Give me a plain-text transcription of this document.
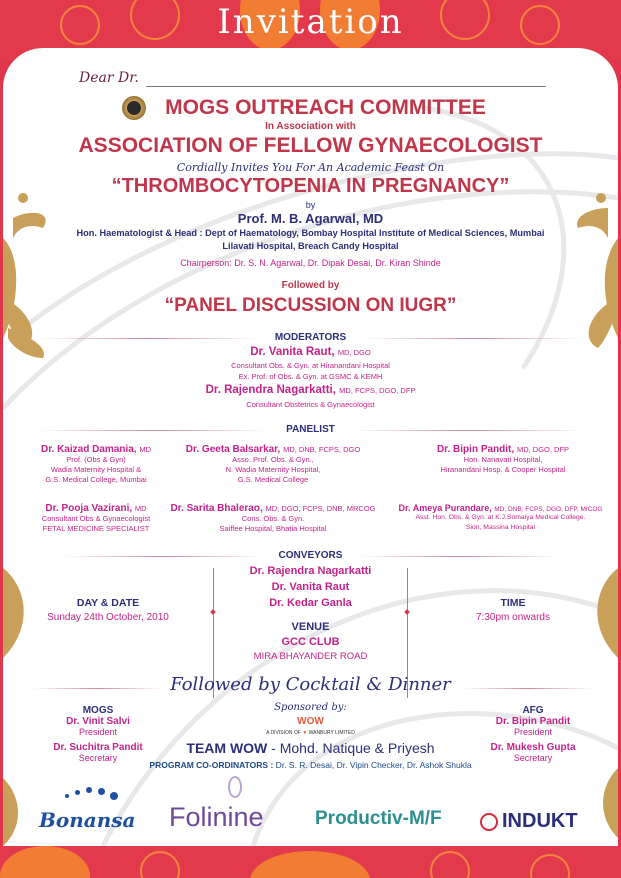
Invitation
Dear Dr.
MOGS OUTREACH COMMITTEE
In Association with
ASSOCIATION OF FELLOW GYNAECOLOGIST
Cordially Invites You For An Academic Feast On
“THROMBOCYTOPENIA IN PREGNANCY”
by
Prof. M. B. Agarwal, MD
Hon. Haematologist & Head : Dept of Haematology, Bombay Hospital Institute of Medical Sciences, Mumbai
Lilavati Hospital, Breach Candy Hospital
Chairperson: Dr. S. N. Agarwal, Dr. Dipak Desai, Dr. Kiran Shinde
Followed by
“PANEL DISCUSSION ON IUGR”
MODERATORS
Dr. Vanita Raut, MD, DGO
Consultant Obs. & Gyn. at Hiranandani Hospital
Ex. Prof. of Obs. & Gyn. at GSMC & KEMH
Dr. Rajendra Nagarkatti, MD, FCPS, DGO, DFP
Consultant Obstetrics & Gynaecologist
PANELIST
Dr. Kaizad Damania, MD
Prof. (Obs & Gyn)
Wadia Maternity Hospital &
G.S. Medical College, Mumbai
Dr. Geeta Balsarkar, MD, DNB, FCPS, DGO
Asso. Prof. Obs. & Gyn.,
N. Wadia Maternity Hospital,
G.S. Medical College
Dr. Bipin Pandit, MD, DGO, DFP
Hon. Nanavati Hospital,
Hiranandani Hosp. & Cooper Hospital
Dr. Pooja Vazirani, MD
Consultant Obs & Gynaecologist
FETAL MEDICINE SPECIALIST
Dr. Sarita Bhalerao, MD, DGO, FCPS, DNB, MRCOG
Cons. Obs. & Gyn.
Saiffee Hospital, Bhatia Hospital
Dr. Ameya Purandare, MD, DNB, FCPS, DGO, DFP, MICOG
Asst. Hon. Obs. & Gyn. at K.J.Somaiya Medical College.
Sion, Massina Hospital
CONVEYORS
Dr. Rajendra Nagarkatti
Dr. Vanita Raut
Dr. Kedar Ganla
DAY & DATE
Sunday 24th October, 2010
TIME
7:30pm onwards
VENUE
GCC CLUB
MIRA BHAYANDER ROAD
Followed by Cocktail & Dinner
MOGS
Dr. Vinit Salvi
President
Dr. Suchitra Pandit
Secretary
AFG
Dr. Bipin Pandit
President
Dr. Mukesh Gupta
Secretary
Sponsored by:
WOW
A DIVISION OF ▼ WANBURY LIMITED
TEAM WOW - Mohd. Natique & Priyesh
PROGRAM CO-ORDINATORS : Dr. S. R. Desai, Dr. Vipin Checker, Dr. Ashok Shukla
Bonansa Folinine	Productiv-M/F	INDUKT
